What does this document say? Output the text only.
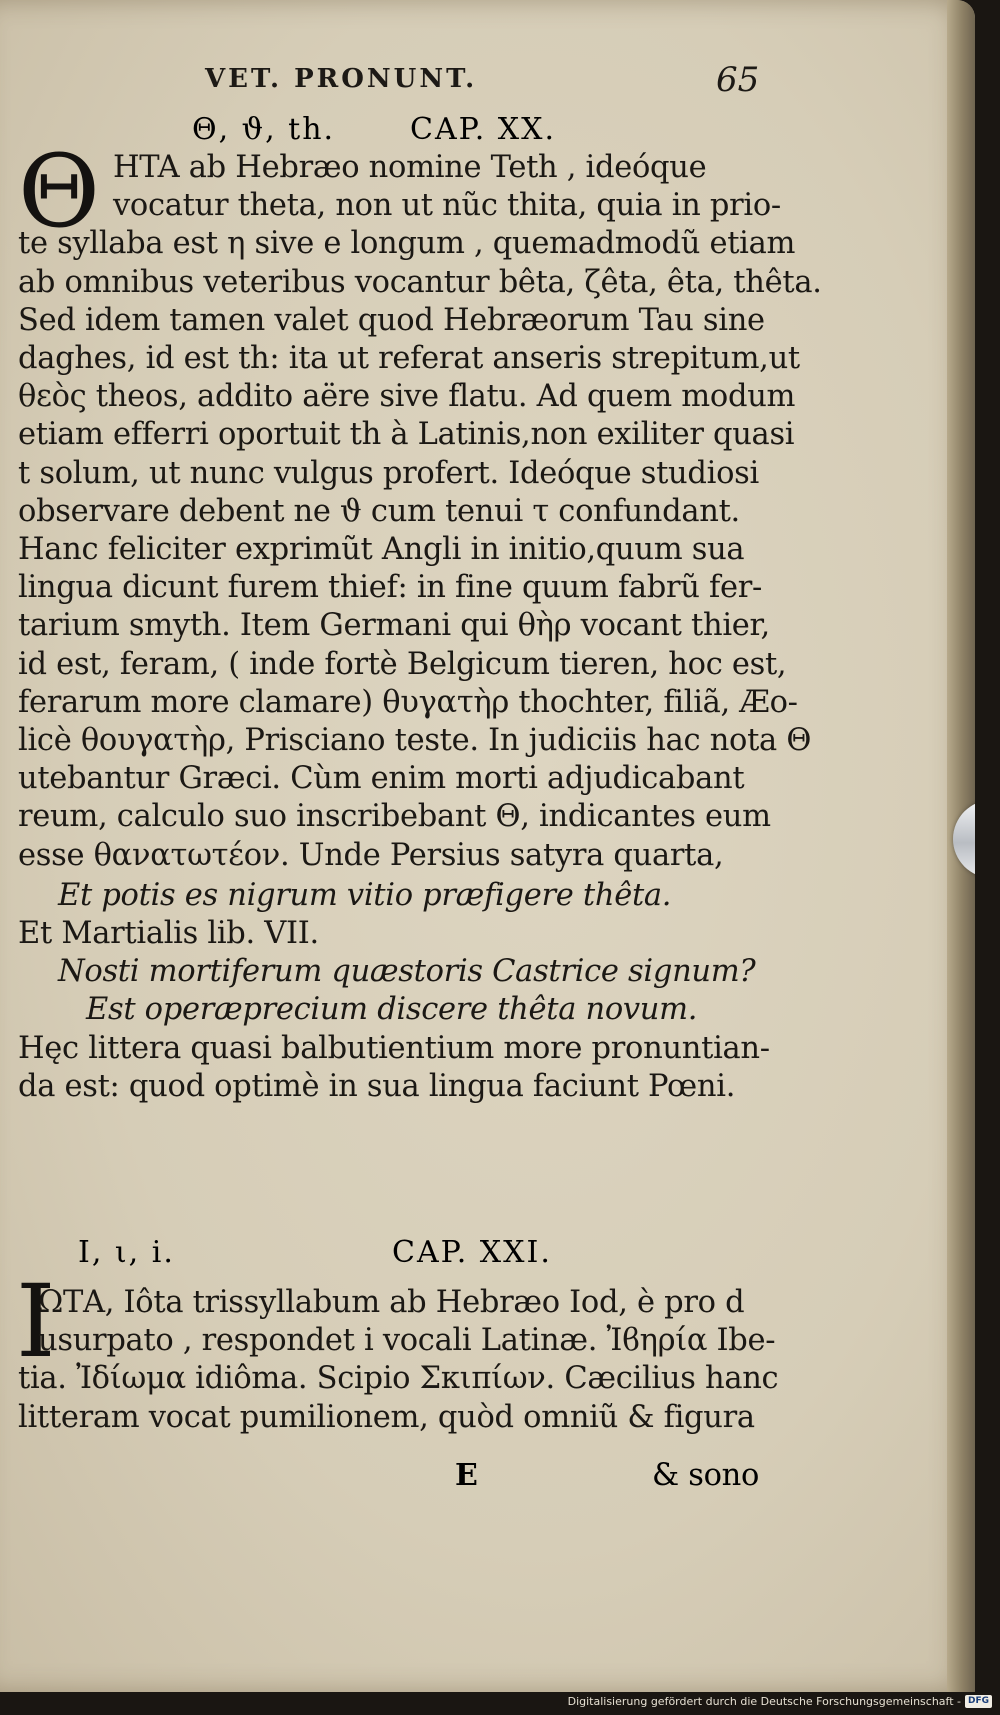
VET. PRONUNT.	65
Θ, ϑ, th. CAP. XX.
Θ HTA ab Hebræo nomine Teth , ideóque
vocatur theta, non ut nũc thita, quia in prio-
te syllaba est η sive e longum , quemadmodũ etiam
ab omnibus veteribus vocantur bêta, ζêta, êta, thêta.
Sed idem tamen valet quod Hebræorum Tau sine
daghes, id est th: ita ut referat anseris strepitum,ut
θεὸς theos, addito aëre sive flatu. Ad quem modum
etiam efferri oportuit th à Latinis,non exiliter quasi
t solum, ut nunc vulgus profert. Ideóque studiosi
observare debent ne ϑ cum tenui τ confundant.
Hanc feliciter exprimũt Angli in initio,quum sua
lingua dicunt furem thief: in fine quum fabrũ fer-
tarium smyth. Item Germani qui θὴρ vocant thier,
id est, feram, ( inde fortè Belgicum tieren, hoc est,
ferarum more clamare) θυγατὴρ thochter, filiã, Æo-
licè θουγατὴρ, Prisciano teste. In judiciis hac nota Θ
utebantur Græci. Cùm enim morti adjudicabant
reum, calculo suo inscribebant Θ, indicantes eum
esse θανατωτέον. Unde Persius satyra quarta,
Et potis es nigrum vitio præfigere thêta.
Et Martialis lib. VII.
Nosti mortiferum quæstoris Castrice signum?
Est operæprecium discere thêta novum.
Hęc littera quasi balbutientium more pronuntian-
da est: quod optimè in sua lingua faciunt Pœni.
I, ι, i.	CAP. XXI.
I
ΩΤΑ, Iôta trissyllabum ab Hebræo Iod, è pro d
usurpato , respondet i vocali Latinæ. Ἰϐηρία Ibe-
tia. Ἰδίωμα idiôma. Scipio Σκιπίων. Cæcilius hanc
litteram vocat pumilionem, quòd omniũ & figura
E	& sono
Digitalisierung gefördert durch die Deutsche Forschungsgemeinschaft - DFG
